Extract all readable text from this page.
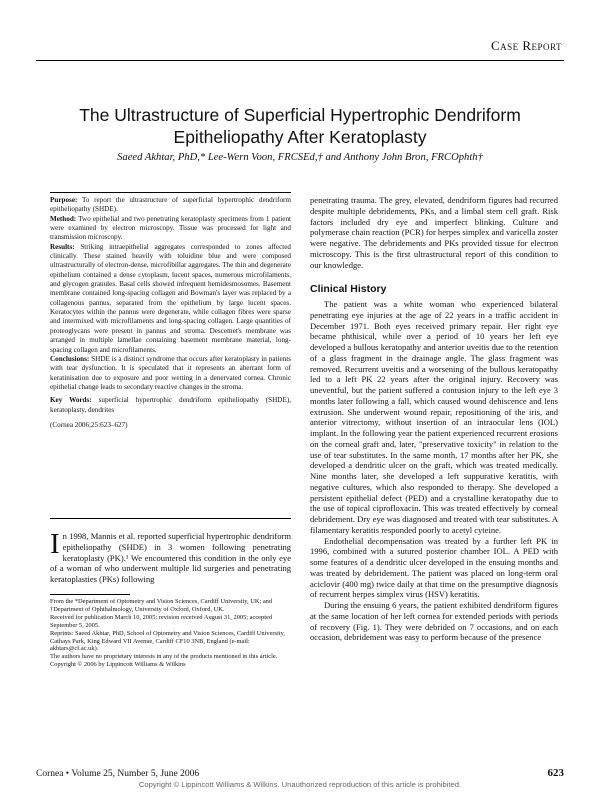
Case Report
The Ultrastructure of Superficial Hypertrophic Dendriform Epitheliopathy After Keratoplasty
Saeed Akhtar, PhD,* Lee-Wern Voon, FRCSEd,† and Anthony John Bron, FRCOphth†

Purpose: To report the ultrastructure of superficial hypertrophic dendriform epitheliopathy (SHDE).

Method: Two epithelial and two penetrating keratoplasty specimens from 1 patient were examined by electron microscopy. Tissue was processed for light and transmission microscopy.

Results: Striking intraepithelial aggregates corresponded to zones affected clinically. These stained heavily with toluidine blue and were composed ultrastructurally of electron-dense, microfibillar aggregates. The thin and degenerate epithelium contained a dense cytoplasm, lucent spaces, numerous microfilaments, and glycogen granules. Basal cells showed infrequent hemidesmosomes. Basement membrane contained long-spacing collagen and Bowman's layer was replaced by a collagenous pannus, separated from the epithelium by large lucent spaces. Keratocytes within the pannus were degenerate, while collagen fibres were sparse and intermixed with microfilaments and long-spacing collagen. Large quantities of proteoglycans were present in pannus and stroma. Descemet's membrane was arranged in multiple lamellae containing basement membrane material, long-spacing collagen and microfilaments.

Conclusions: SHDE is a distinct syndrome that occurs after keratoplasty in patients with tear dysfunction. It is speculated that it represents an aberrant form of keratinisation due to exposure and poor wetting in a denervated cornea. Chronic epithelial change leads to secondary reactive changes in the stroma.

Key Words: superficial hypertrophic dendriform epitheliopathy (SHDE), keratoplasty, dendrites

(Cornea 2006;25:623–627)

In 1998, Mannis et al. reported superficial hypertrophic dendriform epitheliopathy (SHDE) in 3 women following penetrating keratoplasty (PK).¹ We encountered this condition in the only eye of a woman of who underwent multiple lid surgeries and penetrating keratoplasties (PKs) following

From the *Department of Optometry and Vision Sciences, Cardiff University, UK; and †Department of Ophthalmology, University of Oxford, Oxford, UK.

Received for publication March 10, 2005; revision received August 31, 2005; accepted September 5, 2005.

Reprints: Saeed Akhtar, PhD, School of Optometry and Vision Sciences, Cardiff University, Cathays Park, King Edward VII Avenue, Cardiff CF10 3NB, England (e-mail: akhtars@cf.ac.uk).

The authors have no proprietary interests in any of the products mentioned in this article.

Copyright © 2006 by Lippincott Williams & Wilkins

penetrating trauma. The grey, elevated, dendriform figures had recurred despite multiple debridements, PKs, and a limbal stem cell graft. Risk factors included dry eye and imperfect blinking. Culture and polymerase chain reaction (PCR) for herpes simplex and varicella zoster were negative. The debridements and PKs provided tissue for electron microscopy. This is the first ultrastructural report of this condition to our knowledge.

Clinical History

The patient was a white woman who experienced bilateral penetrating eye injuries at the age of 22 years in a traffic accident in December 1971. Both eyes received primary repair. Her right eye became phthisical, while over a period of 10 years her left eye developed a bullous keratopathy and anterior uveitis due to the retention of a glass fragment in the drainage angle. The glass fragment was removed. Recurrent uveitis and a worsening of the bullous keratopathy led to a left PK 22 years after the original injury. Recovery was uneventful, but the patient suffered a contusion injury to the left eye 3 months later following a fall, which caused wound dehiscence and lens extrusion. She underwent wound repair, repositioning of the iris, and anterior vitrectomy, without insertion of an intraocular lens (IOL) implant. In the following year the patient experienced recurrent erosions on the corneal graft and, later, "preservative toxicity" in relation to the use of tear substitutes. In the same month, 17 months after her PK, she developed a dendritic ulcer on the graft, which was treated medically. Nine months later, she developed a left suppurative keratitis, with negative cultures, which also responded to therapy. She developed a persistent epithelial defect (PED) and a crystalline keratopathy due to the use of topical ciprofloxacin. This was treated effectively by corneal debridement. Dry eye was diagnosed and treated with tear substitutes. A filamentary keratitis responded poorly to acetyl cyteine.

Endothelial decompensation was treated by a further left PK in 1996, combined with a sutured posterior chamber IOL. A PED with some features of a dendritic ulcer developed in the ensuing months and was treated by debridement. The patient was placed on long-term oral aciclovir (400 mg) twice daily at that time on the presumptive diagnosis of recurrent herpes simplex virus (HSV) keratitis.

During the ensuing 6 years, the patient exhibited dendriform figures at the same location of her left cornea for extended periods with periods of recovery (Fig. 1). They were debrided on 7 occasions, and on each occasion, debridement was easy to perform because of the presence

Cornea • Volume 25, Number 5, June 2006	623
Copyright © Lippincott Williams & Wilkins. Unauthorized reproduction of this article is prohibited.
